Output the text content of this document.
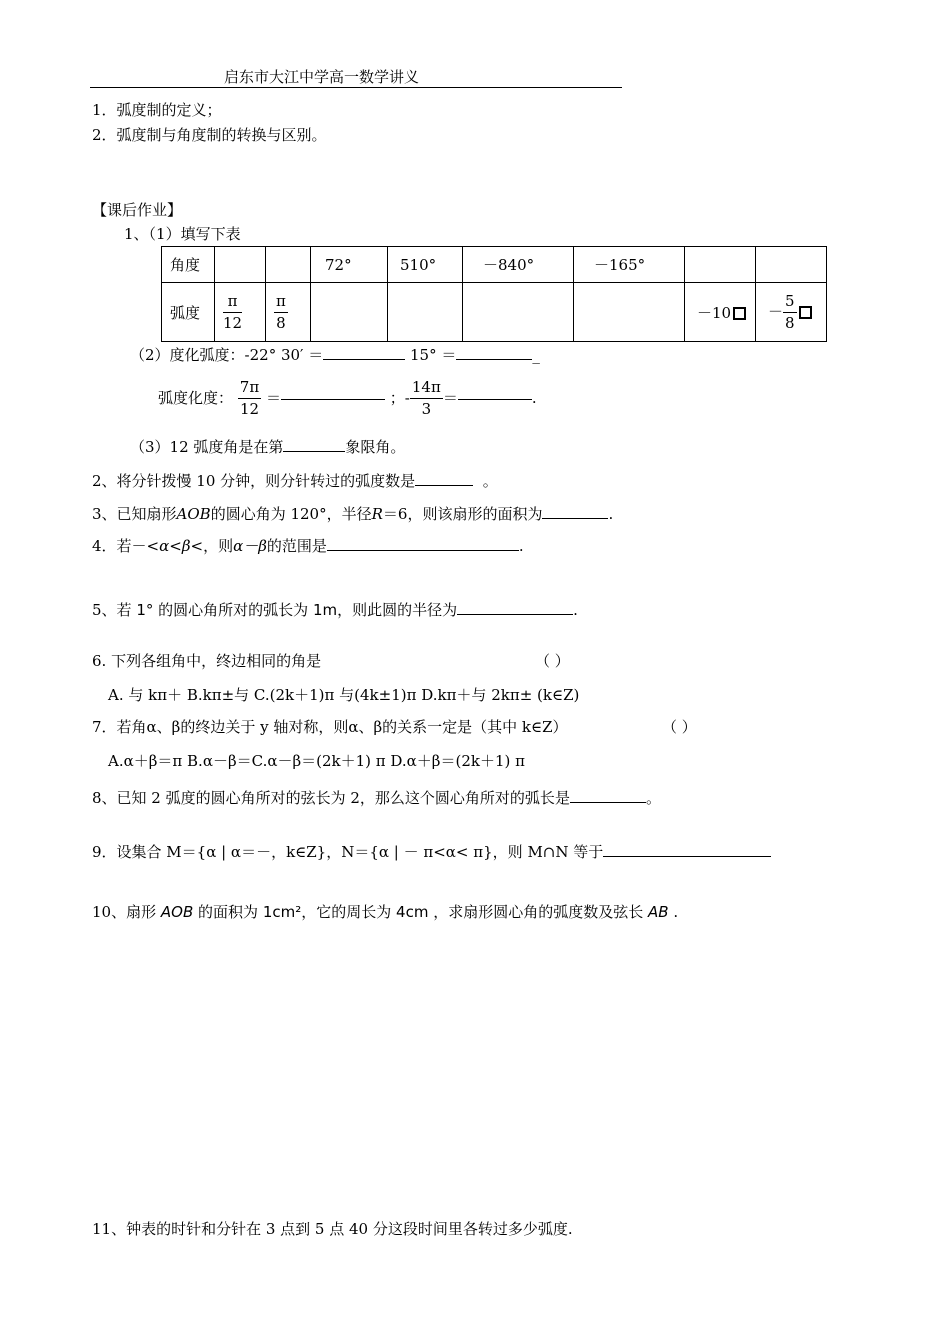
启东市大江中学高一数学讲义
1．弧度制的定义；
2．弧度制与角度制的转换与区别。
【课后作业】
1、（1）填写下表
角度			72°	510°	－840°	－165°		
弧度	$\frac{\pi}{12}$	$\frac{\pi}{8}$					－10	－ $\frac{5}{8}$
（2）度化弧度：-22° 30′ ＝	15° ＝	_
弧度化度： $\frac{7\pi}{12}$ ＝	；- $\frac{14\pi}{3}$ ＝	.
（3）12 弧度角是在第	象限角。
2、将分针拨慢 10 分钟，则分针转过的弧度数是	。
3、已知扇形AOB的圆心角为 120°，半径R＝6，则该扇形的面积为	.
4．若－<α<β<，则α－β的范围是	.
5、若 1° 的圆心角所对的弧长为 1m，则此圆的半径为	.
6. 下列各组角中，终边相同的角是	（ ）
A. 与 kπ＋ B.kπ±与 C.(2k＋1)π 与(4k±1)π D.kπ＋与 2kπ± (k∈Z)
7．若角α、β的终边关于 y 轴对称，则α、β的关系一定是（其中 k∈Z）	（ ）
A.α＋β＝π B.α－β＝C.α－β＝(2k＋1) π D.α＋β＝(2k＋1) π
8、已知 2 弧度的圆心角所对的弦长为 2，那么这个圆心角所对的弧长是	。
9．设集合 M＝{α | α＝－，k∈Z}，N＝{α | － π<α< π}，则 M∩N 等于
10、扇形 AOB 的面积为 1cm²，它的周长为 4cm ，求扇形圆心角的弧度数及弦长 AB .
11、钟表的时针和分针在 3 点到 5 点 40 分这段时间里各转过多少弧度.
